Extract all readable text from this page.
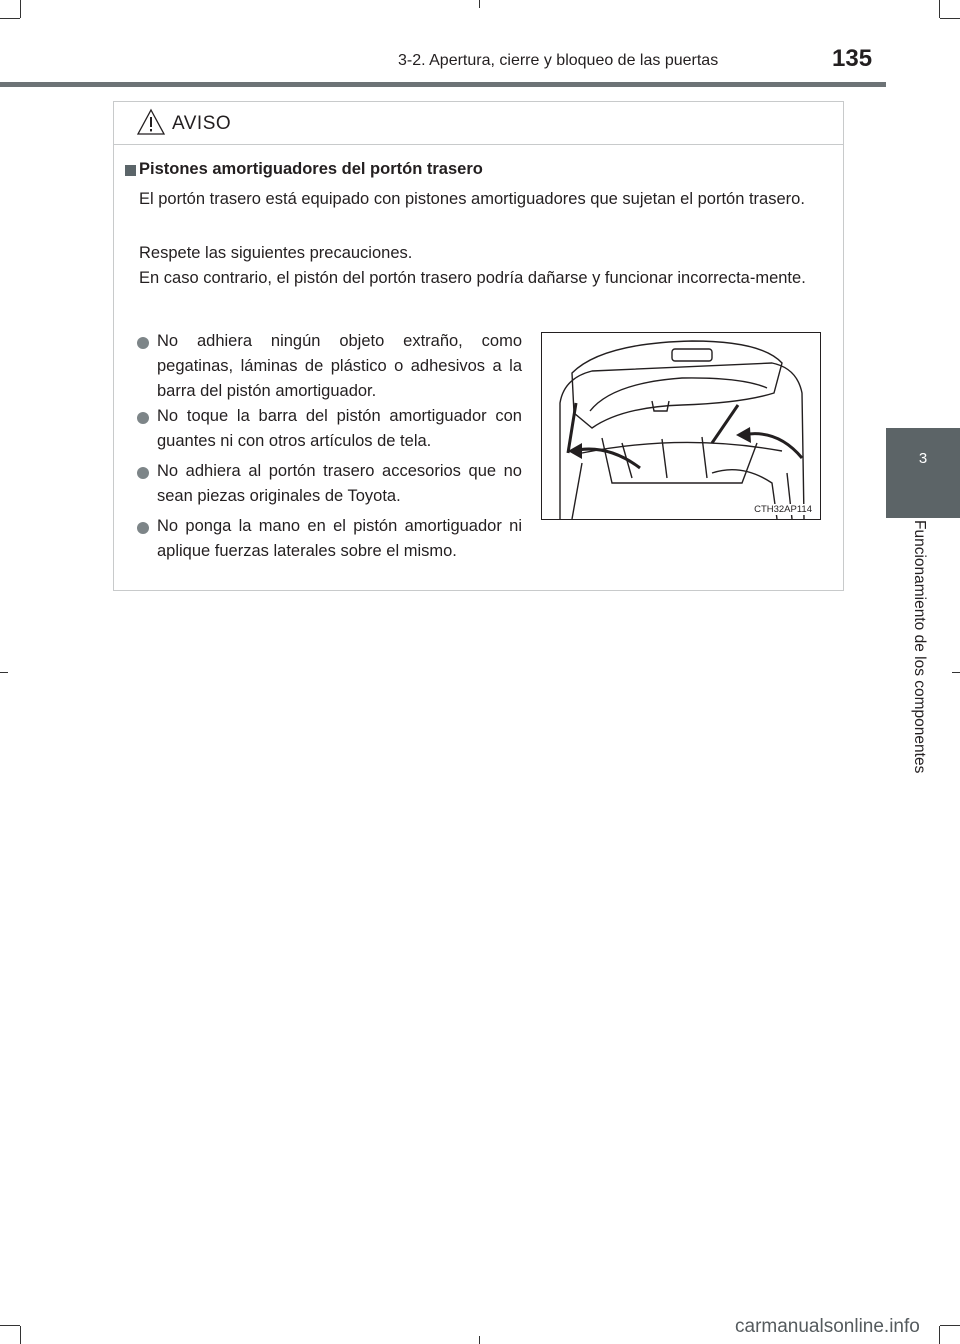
3-2. Apertura, cierre y bloqueo de las puertas	135
3
Funcionamiento de los componentes
AVISO
Pistones amortiguadores del portón trasero

El portón trasero está equipado con pistones amortiguadores que sujetan el portón trasero.

Respete las siguientes precauciones.

En caso contrario, el pistón del portón trasero podría dañarse y funcionar incorrecta-mente.

No adhiera ningún objeto extraño, como pegatinas, láminas de plástico o adhesivos a la barra del pistón amortiguador.

No toque la barra del pistón amortiguador con guantes ni con otros artículos de tela.

No adhiera al portón trasero accesorios que no sean piezas originales de Toyota.

No ponga la mano en el pistón amortiguador ni aplique fuerzas laterales sobre el mismo.

CTH32AP114
carmanualsonline.info
